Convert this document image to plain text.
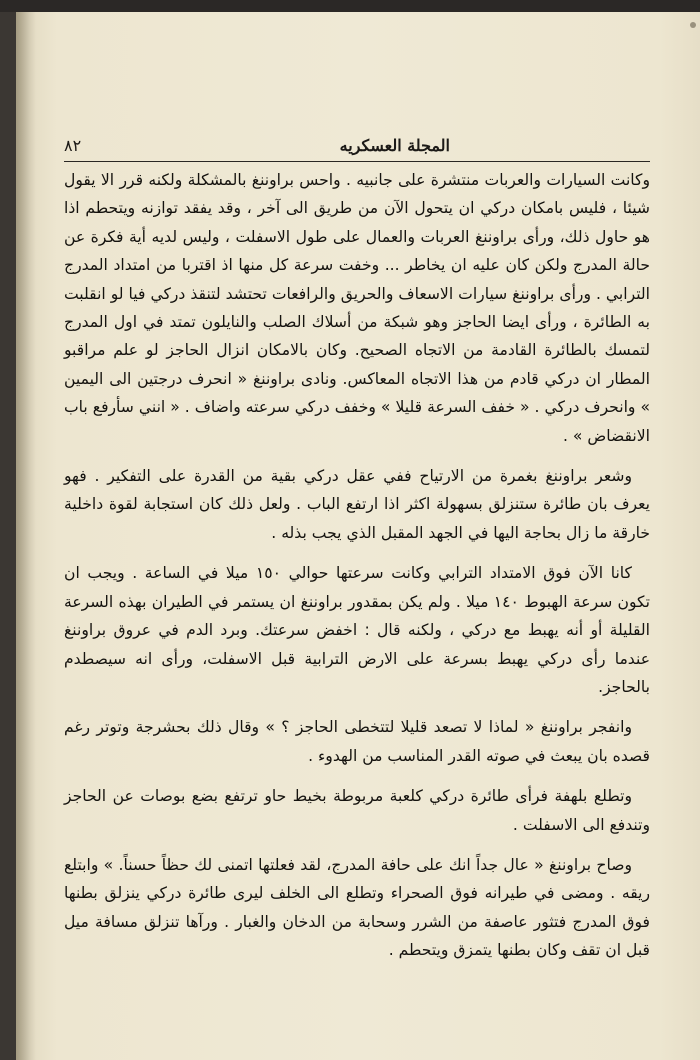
٨٢	المجلة العسكريه

وكانت السيارات والعربات منتشرة على جانبيه . واحس براوننغ بالمشكلة ولكنه قرر الا يقول شيئا ، فليس بامكان دركي ان يتحول الآن من طريق الى آخر ، وقد يفقد توازنه ويتحطم اذا هو حاول ذلك، ورأى براوننغ العربات والعمال على طول الاسفلت ، وليس لديه أية فكرة عن حالة المدرج ولكن كان عليه ان يخاطر ... وخفت سرعة كل منها اذ اقتربا من امتداد المدرج الترابي . ورأى براوننغ سيارات الاسعاف والحريق والرافعات تحتشد لتنقذ دركي فيا لو انقلبت به الطائرة ، ورأى ايضا الحاجز وهو شبكة من أسلاك الصلب والنايلون تمتد في اول المدرج لتمسك بالطائرة القادمة من الاتجاه الصحيح. وكان بالامكان انزال الحاجز لو علم مراقبو المطار ان دركي قادم من هذا الاتجاه المعاكس. ونادى براوننغ « انحرف درجتين الى اليمين » وانحرف دركي . « خفف السرعة قليلا » وخفف دركي سرعته واضاف . « انني سأرفع باب الانقضاض » .

وشعر براوننغ بغمرة من الارتياح ففي عقل دركي بقية من القدرة على التفكير . فهو يعرف بان طائرة ستنزلق بسهولة اكثر اذا ارتفع الباب . ولعل ذلك كان استجابة لقوة داخلية خارقة ما زال بحاجة اليها في الجهد المقبل الذي يجب بذله .

كانا الآن فوق الامتداد الترابي وكانت سرعتها حوالي ١٥٠ ميلا في الساعة . ويجب ان تكون سرعة الهبوط ١٤٠ ميلا . ولم يكن بمقدور براوننغ ان يستمر في الطيران بهذه السرعة القليلة أو أنه يهبط مع دركي ، ولكنه قال : اخفض سرعتك. وبرد الدم في عروق براوننغ عندما رأى دركي يهبط بسرعة على الارض الترابية قبل الاسفلت، ورأى انه سيصطدم بالحاجز.

وانفجر براوننغ « لماذا لا تصعد قليلا لتتخطى الحاجز ؟ » وقال ذلك بحشرجة وتوتر رغم قصده بان يبعث في صوته القدر المناسب من الهدوء .

وتطلع بلهفة فرأى طائرة دركي كلعبة مربوطة بخيط حاو ترتفع بضع بوصات عن الحاجز وتندفع الى الاسفلت .

وصاح براوننغ « عال جداً انك على حافة المدرج، لقد فعلتها اتمنى لك حظاً حسناً. » وابتلع ريقه . ومضى في طيرانه فوق الصحراء وتطلع الى الخلف ليرى طائرة دركي ينزلق بطنها فوق المدرج فتثور عاصفة من الشرر وسحابة من الدخان والغبار . ورآها تنزلق مسافة ميل قبل ان تقف وكان بطنها يتمزق ويتحطم .
